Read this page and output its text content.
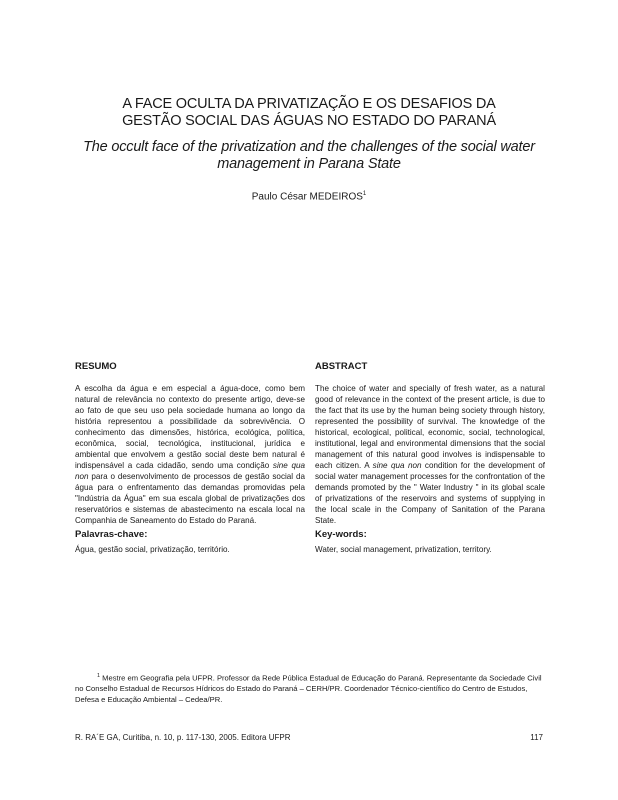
A FACE OCULTA DA PRIVATIZAÇÃO E OS DESAFIOS DA
GESTÃO SOCIAL DAS ÁGUAS NO ESTADO DO PARANÁ
The occult face of the privatization and the challenges of the social water
management in Parana State
Paulo César MEDEIROS$^1$
RESUMO

A escolha da água e em especial a água-doce, como bem natural de relevância no contexto do presente artigo, deve-se ao fato de que seu uso pela sociedade humana ao longo da história representou a possibilidade da sobrevivência. O conhecimento das dimensões, histórica, ecológica, política, econômica, social, tecnológica, institucional, jurídica e ambiental que envolvem a gestão social deste bem natural é indispensável a cada cidadão, sendo uma condição sine qua non para o desenvolvimento de processos de gestão social da água para o enfrentamento das demandas promovidas pela "Indústria da Água" em sua escala global de privatizações dos reservatórios e sistemas de abastecimento na escala local na Companhia de Saneamento do Estado do Paraná.

ABSTRACT

The choice of water and specially of fresh water, as a natural good of relevance in the context of the present article, is due to the fact that its use by the human being society through history, represented the possibility of survival. The knowledge of the historical, ecological, political, economic, social, technological, institutional, legal and environmental dimensions that the social management of this natural good involves is indispensable to each citizen. A sine qua non condition for the development of social water management processes for the confrontation of the demands promoted by the " Water Industry " in its global scale of privatizations of the reservoirs and systems of supplying in the local scale in the Company of Sanitation of the Parana State.

Palavras-chave:

Água, gestão social, privatização, território.

Key-words:

Water, social management, privatization, territory.

$^1$ Mestre em Geografia pela UFPR. Professor da Rede Pública Estadual de Educação do Paraná. Representante da Sociedade Civil no Conselho Estadual de Recursos Hídricos do Estado do Paraná – CERH/PR. Coordenador Técnico-científico do Centro de Estudos, Defesa e Educação Ambiental – Cedea/PR.
R. RA´E GA, Curitiba, n. 10, p. 117-130, 2005. Editora UFPR	117
